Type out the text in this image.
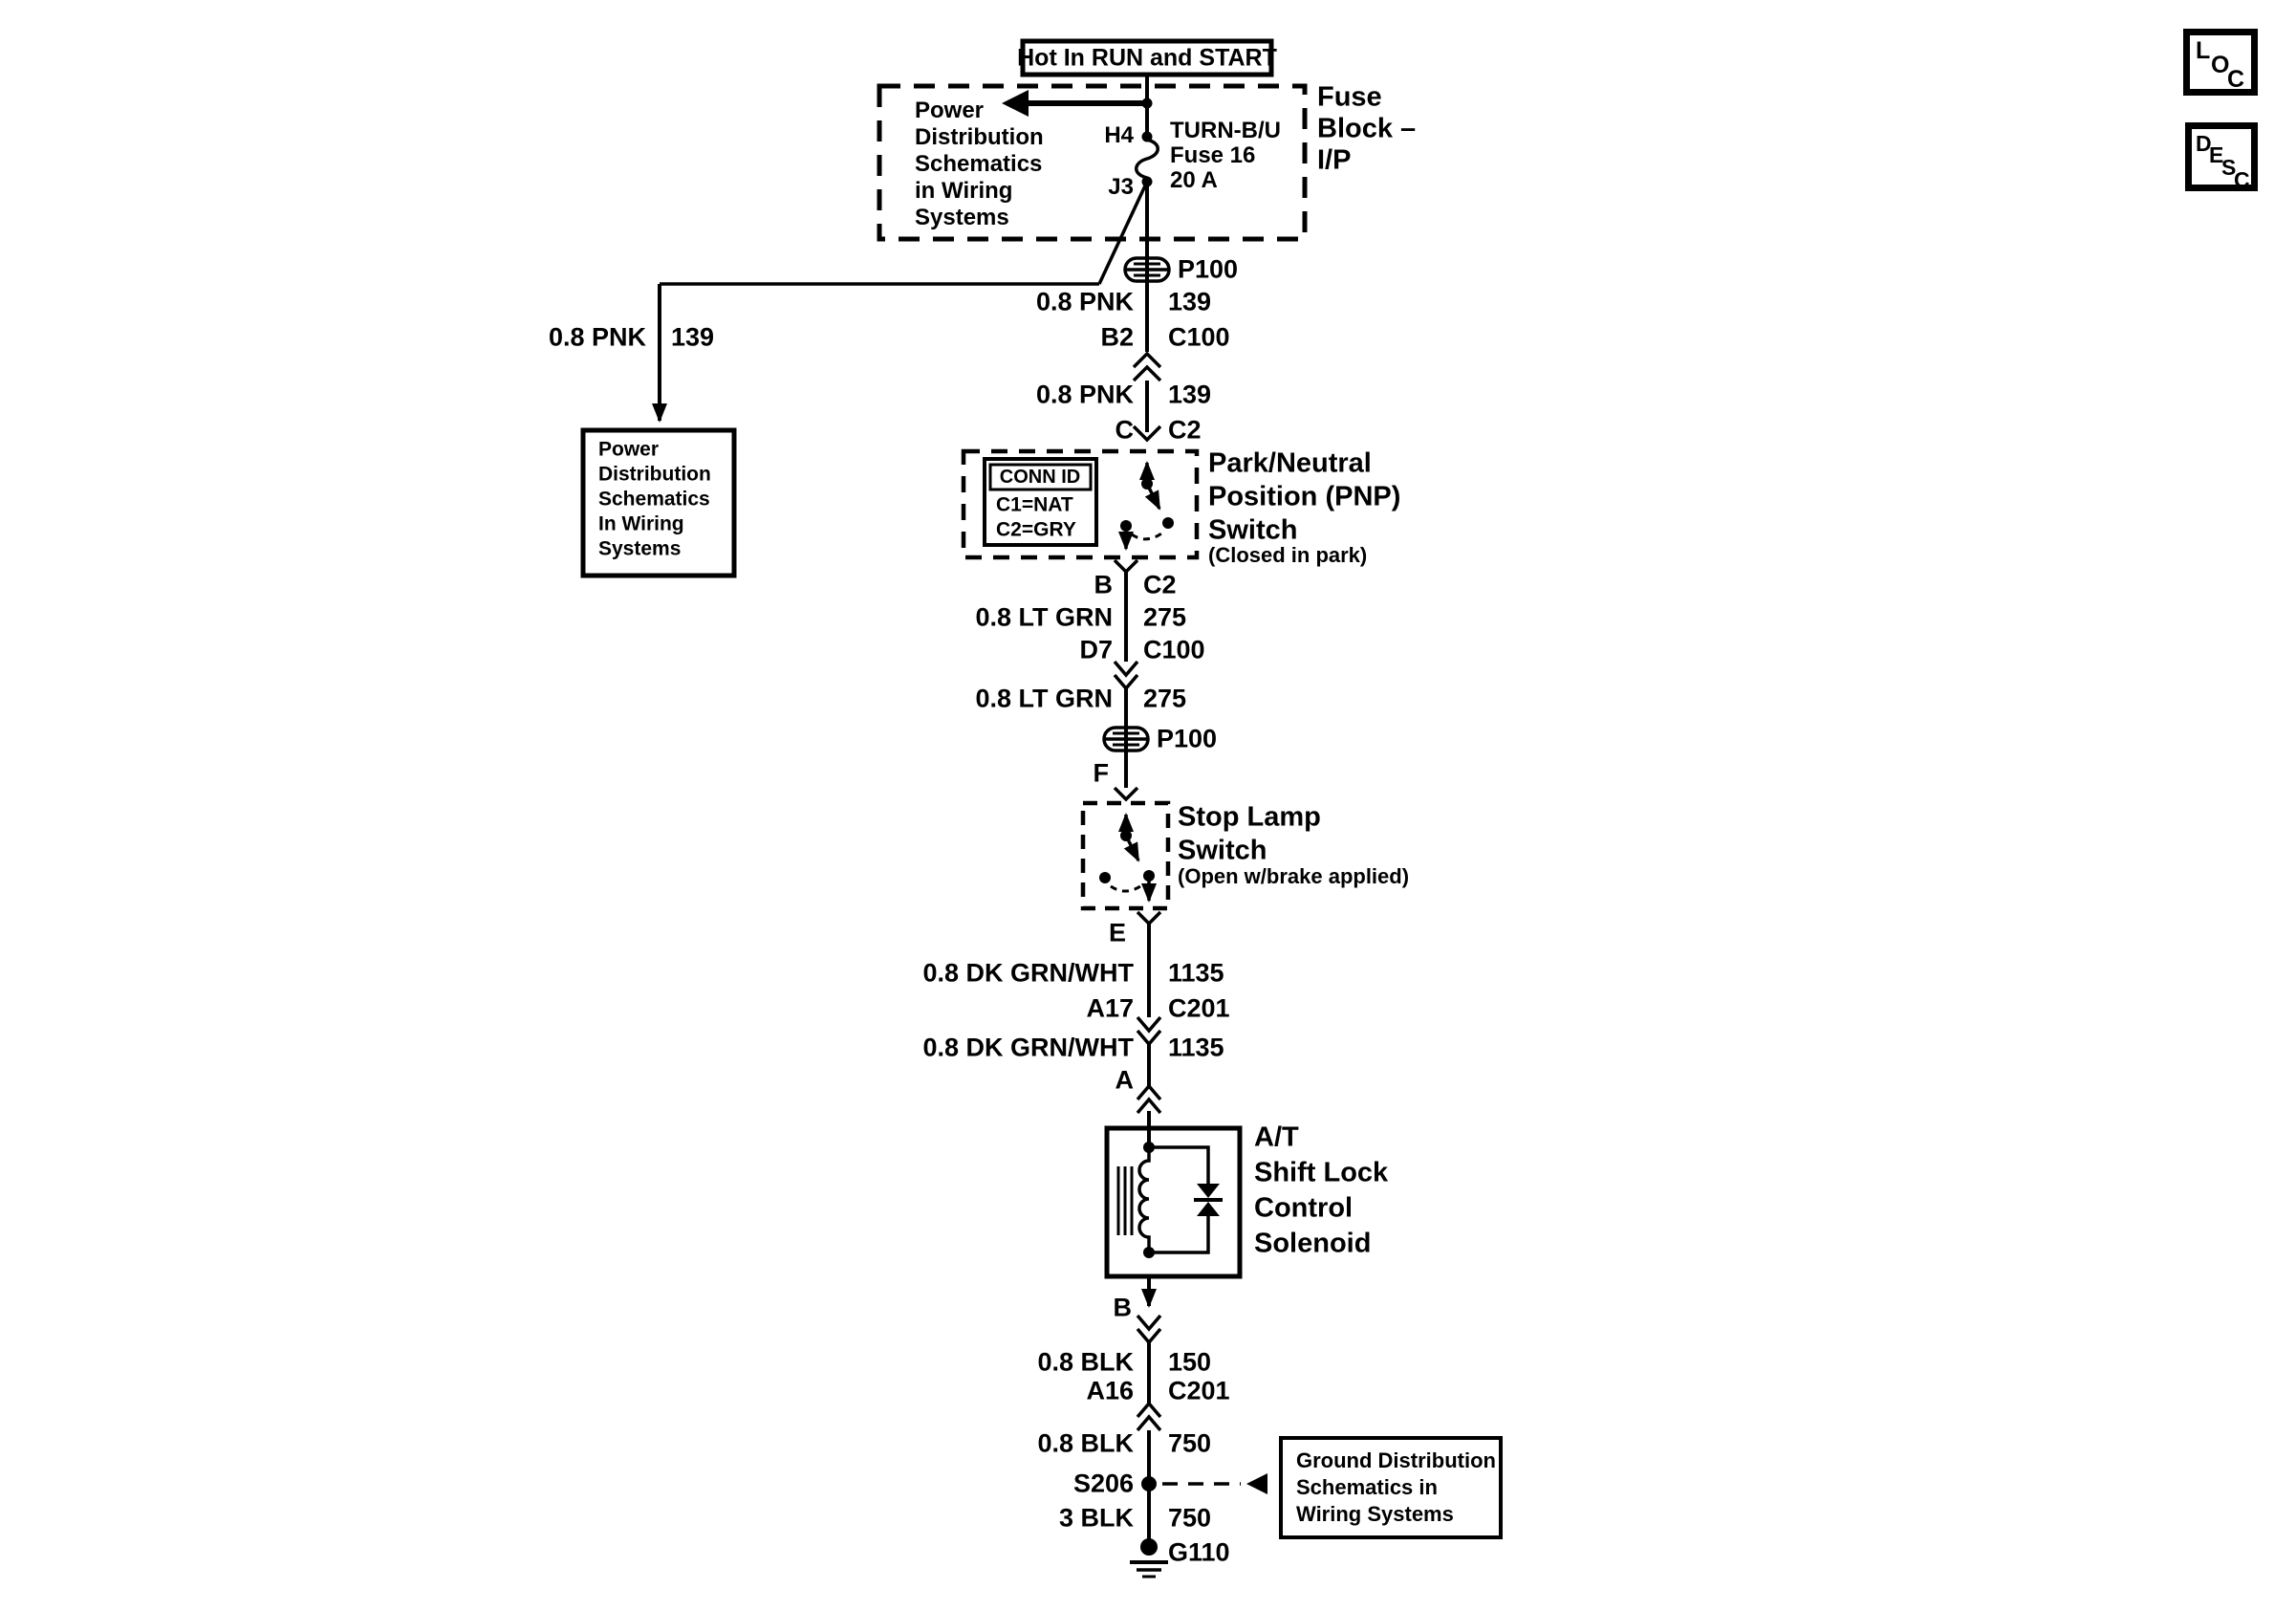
L
O
C
D
E
S
C
Hot In RUN and START
Power
Distribution
Schematics
in Wiring
Systems
H4
J3
TURN-B/U
Fuse 16
20 A
Fuse
Block –
I/P
0.8 PNK 139
Power
Distribution
Schematics
In Wiring
Systems
P100
0.8 PNK 139
B2 C100
0.8 PNK 139
C C2
CONN ID
C1=NAT
C2=GRY
Park/Neutral
Position (PNP)
Switch
(Closed in park)
B C2
0.8 LT GRN 275
D7 C100
0.8 LT GRN 275
P100
F
Stop Lamp
Switch
(Open w/brake applied)
E
0.8 DK GRN/WHT 1135
A17 C201
0.8 DK GRN/WHT 1135
A
A/T
Shift Lock
Control
Solenoid
B
0.8 BLK 150
A16 C201
0.8 BLK 750
S206
3 BLK 750
G110
Ground Distribution
Schematics in
Wiring Systems
